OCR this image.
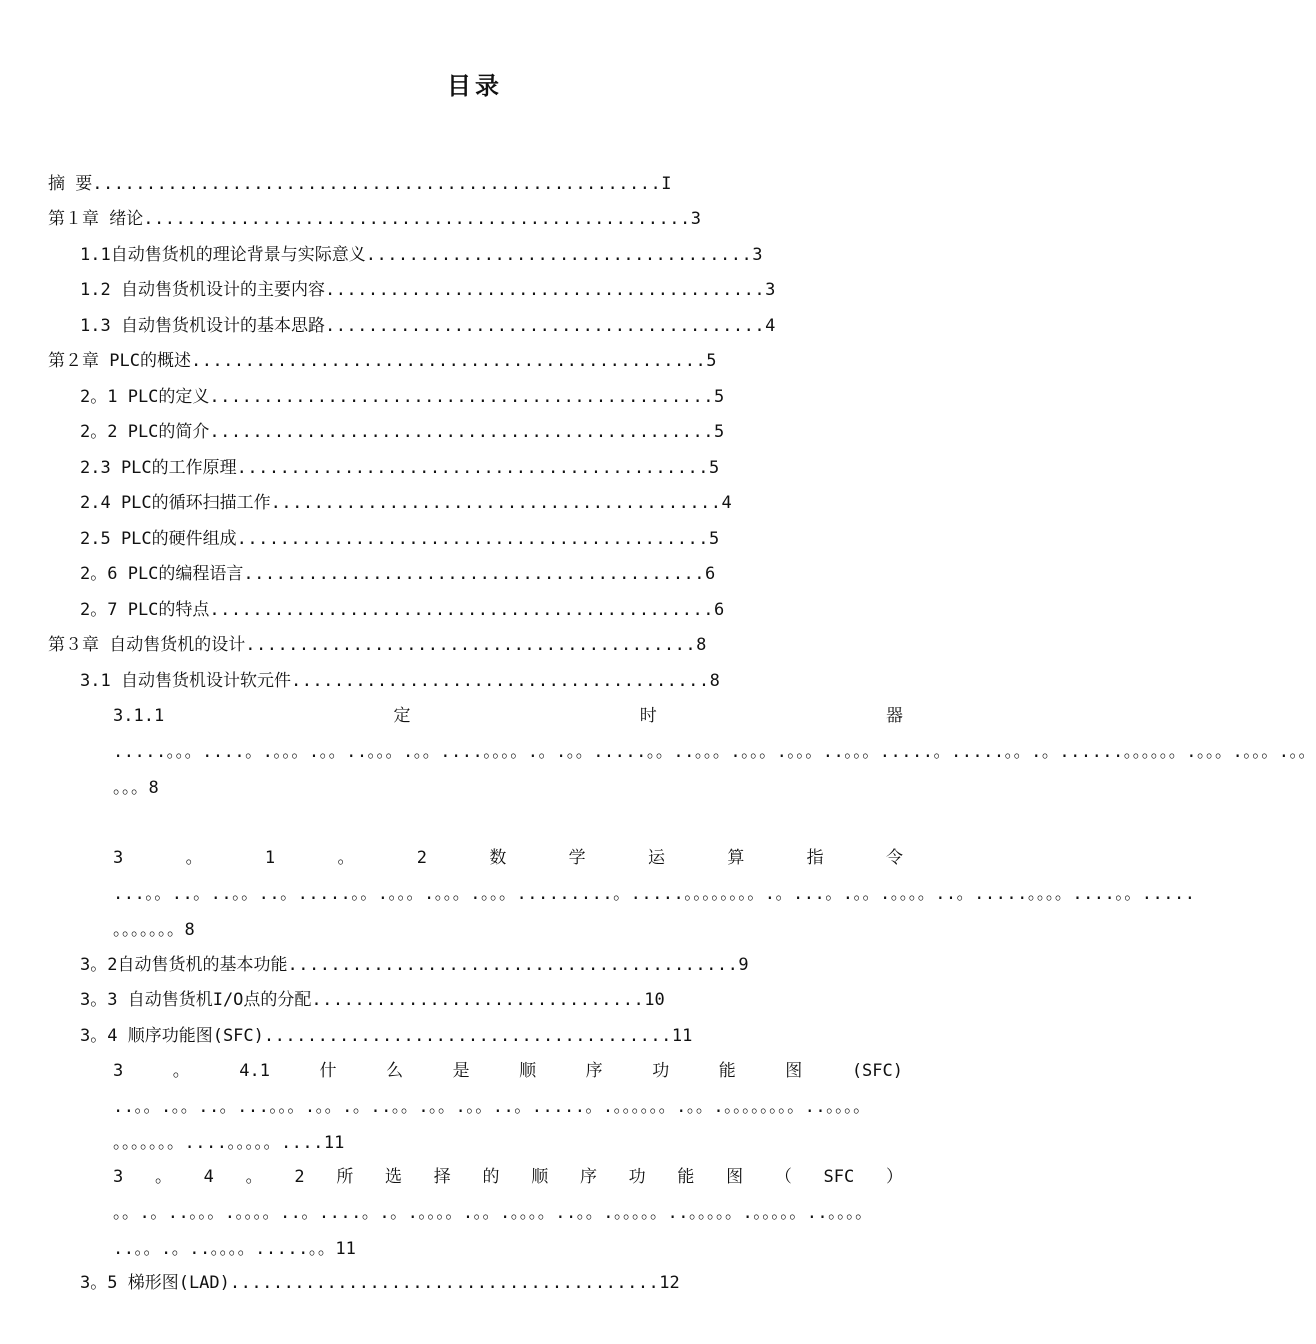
目录
摘 要.....................................................I
第１章 绪论...................................................3
1.1自动售货机的理论背景与实际意义....................................3
1.2 自动售货机设计的主要内容.........................................3
1.3 自动售货机设计的基本思路.........................................4
第２章 PLC的概述................................................5
2。1 PLC的定义...............................................5
2。2 PLC的简介...............................................5
2.3 PLC的工作原理............................................5
2.4 PLC的循环扫描工作..........................................4
2.5 PLC的硬件组成............................................5
2。6 PLC的编程语言...........................................6
2。7 PLC的特点...............................................6
第３章 自动售货机的设计..........................................8
3.1 自动售货机设计软元件.......................................8
3.1.1定时器
.....。。。....。.。。。.。。..。。。.。。....。。。。.。.。。.....。。..。。。.。。。.。。。..。。。.....。.....。。.。......。。。。。。.。。。.。。。.。。
。。。8
3。1。2数学运算指令
...。。..。..。。..。.....。。.。。。.。。。.。。。.........。.....。。。。。。。。.。...。.。。.。。。。..。.....。。。。....。。.....
。。。。。。。8
3。2自动售货机的基本功能..........................................9
3。3 自动售货机I/O点的分配...............................10
3。4 顺序功能图(SFC)......................................11
3。4.1什么是顺序功能图(SFC)
..。。.。。..。...。。。.。。.。..。。.。。.。。..。.....。.。。。。。。.。。.。。。。。。。。..。。。。
。。。。。。。....。。。。。....11
3。4。2所选择的顺序功能图（SFC）
。。.。..。。。.。。。。..。....。.。.。。。。.。。.。。。。..。。.。。。。。..。。。。。.。。。。。..。。。。
..。。.。..。。。。.....。。11
3。5 梯形图(LAD)........................................12
